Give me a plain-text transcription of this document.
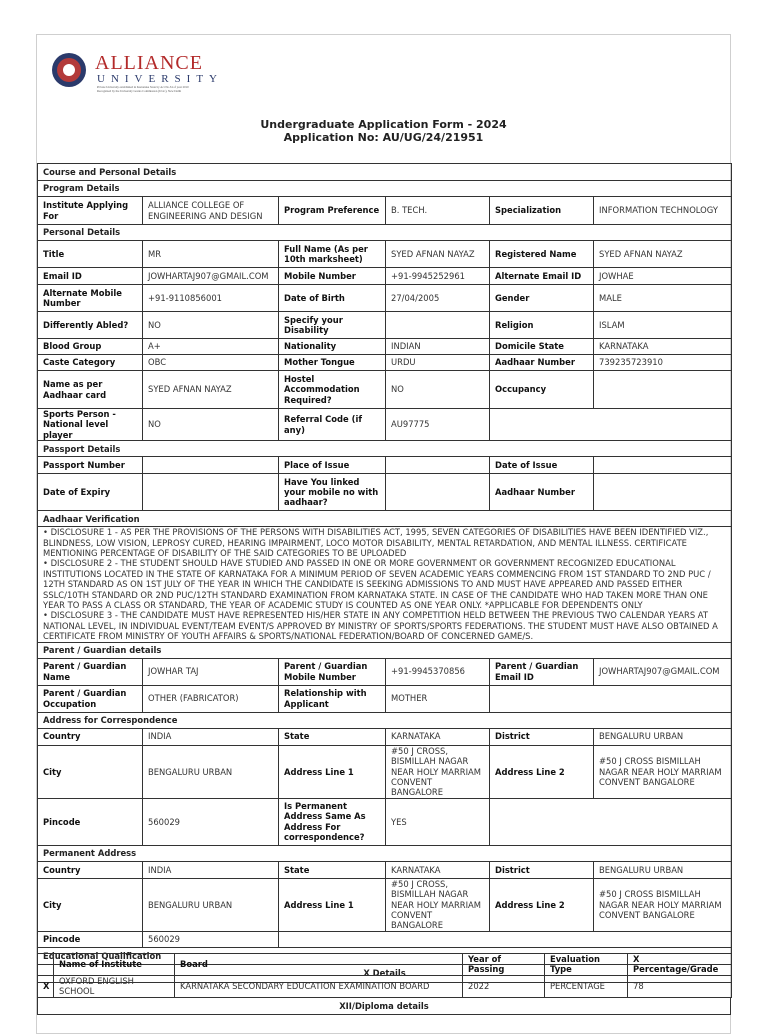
ALLIANCE
UNIVERSITY
Private University established in Karnataka State by Act No.34 of year 2010
Recognized by the University Grants Commission (UGC), New Delhi
Undergraduate Application Form - 2024
Application No: AU/UG/24/21951
Course and Personal Details					
Program Details					
Institute Applying For	ALLIANCE COLLEGE OF ENGINEERING AND DESIGN	Program Preference	B. TECH.	Specialization	INFORMATION TECHNOLOGY
Personal Details					
Title	MR	Full Name (As per 10th marksheet)	SYED AFNAN NAYAZ	Registered Name	SYED AFNAN NAYAZ
Email ID	JOWHARTAJ907@GMAIL.COM	Mobile Number	+91-9945252961	Alternate Email ID	JOWHAE
Alternate Mobile Number	+91-9110856001	Date of Birth	27/04/2005	Gender	MALE
Differently Abled?	NO	Specify your Disability		Religion	ISLAM
Blood Group	A+	Nationality	INDIAN	Domicile State	KARNATAKA
Caste Category	OBC	Mother Tongue	URDU	Aadhaar Number	739235723910
Name as per Aadhaar card	SYED AFNAN NAYAZ	Hostel Accommodation Required?	NO	Occupancy	
Sports Person - National level player	NO	Referral Code (if any)	AU97775		
Passport Details					
Passport Number		Place of Issue		Date of Issue	
Date of Expiry		Have You linked your mobile no with aadhaar?		Aadhaar Number	
Aadhaar Verification					

• DISCLOSURE 1 - AS PER THE PROVISIONS OF THE PERSONS WITH DISABILITIES ACT, 1995, SEVEN CATEGORIES OF DISABILITIES HAVE BEEN IDENTIFIED VIZ., BLINDNESS, LOW VISION, LEPROSY CURED, HEARING IMPAIRMENT, LOCO MOTOR DISABILITY, MENTAL RETARDATION, AND MENTAL ILLNESS. CERTIFICATE MENTIONING PERCENTAGE OF DISABILITY OF THE SAID CATEGORIES TO BE UPLOADED
• DISCLOSURE 2 - THE STUDENT SHOULD HAVE STUDIED AND PASSED IN ONE OR MORE GOVERNMENT OR GOVERNMENT RECOGNIZED EDUCATIONAL INSTITUTIONS LOCATED IN THE STATE OF KARNATAKA FOR A MINIMUM PERIOD OF SEVEN ACADEMIC YEARS COMMENCING FROM 1ST STANDARD TO 2ND PUC / 12TH STANDARD AS ON 1ST JULY OF THE YEAR IN WHICH THE CANDIDATE IS SEEKING ADMISSIONS TO AND MUST HAVE APPEARED AND PASSED EITHER SSLC/10TH STANDARD OR 2ND PUC/12TH STANDARD EXAMINATION FROM KARNATAKA STATE. IN CASE OF THE CANDIDATE WHO HAD TAKEN MORE THAN ONE YEAR TO PASS A CLASS OR STANDARD, THE YEAR OF ACADEMIC STUDY IS COUNTED AS ONE YEAR ONLY. *APPLICABLE FOR DEPENDENTS ONLY
• DISCLOSURE 3 - THE CANDIDATE MUST HAVE REPRESENTED HIS/HER STATE IN ANY COMPETITION HELD BETWEEN THE PREVIOUS TWO CALENDAR YEARS AT NATIONAL LEVEL, IN INDIVIDUAL EVENT/TEAM EVENT/S APPROVED BY MINISTRY OF SPORTS/SPORTS FEDERATIONS. THE STUDENT MUST HAVE ALSO OBTAINED A CERTIFICATE FROM MINISTRY OF YOUTH AFFAIRS & SPORTS/NATIONAL FEDERATION/BOARD OF CONCERNED GAME/S.					

Parent / Guardian details					
Parent / Guardian Name	JOWHAR TAJ	Parent / Guardian Mobile Number	+91-9945370856	Parent / Guardian Email ID	JOWHARTAJ907@GMAIL.COM
Parent / Guardian Occupation	OTHER (FABRICATOR)	Relationship with Applicant	MOTHER		
Address for Correspondence					
Country	INDIA	State	KARNATAKA	District	BENGALURU URBAN
City	BENGALURU URBAN	Address Line 1	#50 J CROSS, BISMILLAH NAGAR NEAR HOLY MARRIAM CONVENT BANGALORE	Address Line 2	#50 J CROSS BISMILLAH NAGAR NEAR HOLY MARRIAM CONVENT BANGALORE
Pincode	560029	Is Permanent Address Same As Address For correspondence?	YES		
Permanent Address					
Country	INDIA	State	KARNATAKA	District	BENGALURU URBAN
City	BENGALURU URBAN	Address Line 1	#50 J CROSS, BISMILLAH NAGAR NEAR HOLY MARRIAM CONVENT BANGALORE	Address Line 2	#50 J CROSS BISMILLAH NAGAR NEAR HOLY MARRIAM CONVENT BANGALORE
Pincode	560029				
Educational Qualification					
X Details					
	Name of Institute	Board	Year of Passing	Evaluation Type	X Percentage/Grade
X	OXFORD ENGLISH SCHOOL	KARNATAKA SECONDARY EDUCATION EXAMINATION BOARD	2022	PERCENTAGE	78
XII/Diploma details
